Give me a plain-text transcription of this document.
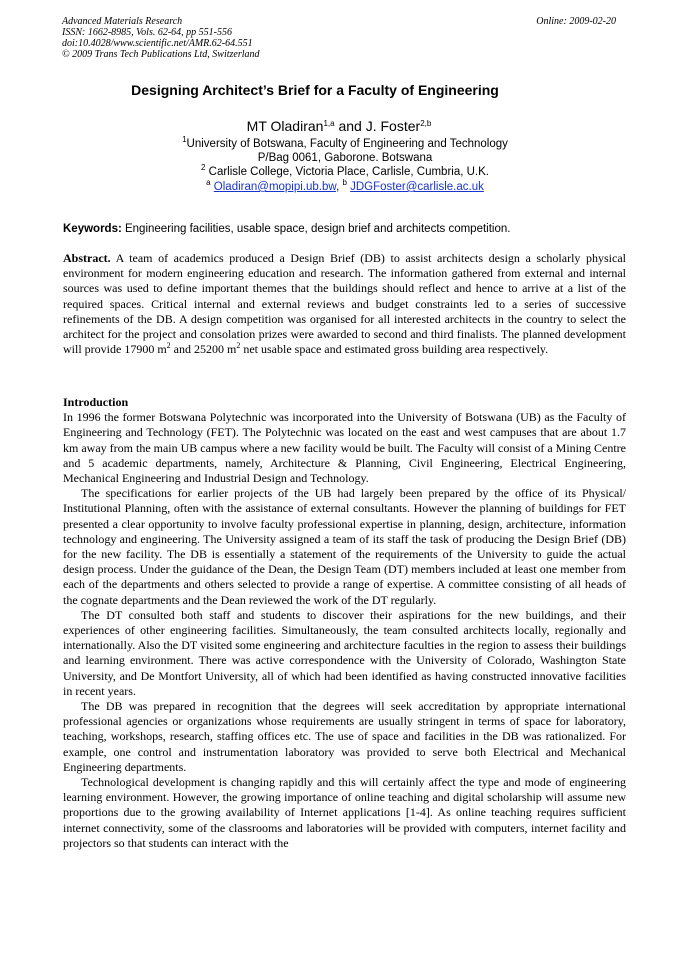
Advanced Materials Research
ISSN: 1662-8985, Vols. 62-64, pp 551-556
doi:10.4028/www.scientific.net/AMR.62-64.551
© 2009 Trans Tech Publications Ltd, Switzerland
Online: 2009-02-20
Designing Architect’s Brief for a Faculty of Engineering
MT Oladiran$^{1,a}$ and J. Foster$^{2,b}$
$^1$University of Botswana, Faculty of Engineering and Technology
P/Bag 0061, Gaborone. Botswana
$^2$ Carlisle College, Victoria Place, Carlisle, Cumbria, U.K.
$^a$ Oladiran@mopipi.ub.bw, $^b$ JDGFoster@carlisle.ac.uk
Keywords: Engineering facilities, usable space, design brief and architects competition.

Abstract. A team of academics produced a Design Brief (DB) to assist architects design a scholarly physical environment for modern engineering education and research. The information gathered from external and internal sources was used to define important themes that the buildings should reflect and hence to arrive at a list of the required spaces. Critical internal and external reviews and budget constraints led to a series of successive refinements of the DB. A design competition was organised for all interested architects in the country to select the architect for the project and consolation prizes were awarded to second and third finalists. The planned development will provide 17900 $m^2$ and 25200 $m^2$ net usable space and estimated gross building area respectively.

Introduction

In 1996 the former Botswana Polytechnic was incorporated into the University of Botswana (UB) as the Faculty of Engineering and Technology (FET). The Polytechnic was located on the east and west campuses that are about 1.7 km away from the main UB campus where a new facility would be built. The Faculty will consist of a Mining Centre and 5 academic departments, namely, Architecture & Planning, Civil Engineering, Electrical Engineering, Mechanical Engineering and Industrial Design and Technology.

The specifications for earlier projects of the UB had largely been prepared by the office of its Physical/ Institutional Planning, often with the assistance of external consultants. However the planning of buildings for FET presented a clear opportunity to involve faculty professional expertise in planning, design, architecture, information technology and engineering. The University assigned a team of its staff the task of producing the Design Brief (DB) for the new facility. The DB is essentially a statement of the requirements of the University to guide the actual design process. Under the guidance of the Dean, the Design Team (DT) members included at least one member from each of the departments and others selected to provide a range of expertise. A committee consisting of all heads of the cognate departments and the Dean reviewed the work of the DT regularly.

The DT consulted both staff and students to discover their aspirations for the new buildings, and their experiences of other engineering facilities. Simultaneously, the team consulted architects locally, regionally and internationally. Also the DT visited some engineering and architecture faculties in the region to assess their buildings and learning environment. There was active correspondence with the University of Colorado, Washington State University, and De Montfort University, all of which had been identified as having constructed innovative facilities in recent years.

The DB was prepared in recognition that the degrees will seek accreditation by appropriate international professional agencies or organizations whose requirements are usually stringent in terms of space for laboratory, teaching, workshops, research, staffing offices etc. The use of space and facilities in the DB was rationalized. For example, one control and instrumentation laboratory was provided to serve both Electrical and Mechanical Engineering departments.

Technological development is changing rapidly and this will certainly affect the type and mode of engineering learning environment. However, the growing importance of online teaching and digital scholarship will assume new proportions due to the growing availability of Internet applications [1-4]. As online teaching requires sufficient internet connectivity, some of the classrooms and laboratories will be provided with computers, internet facility and projectors so that students can interact with the
